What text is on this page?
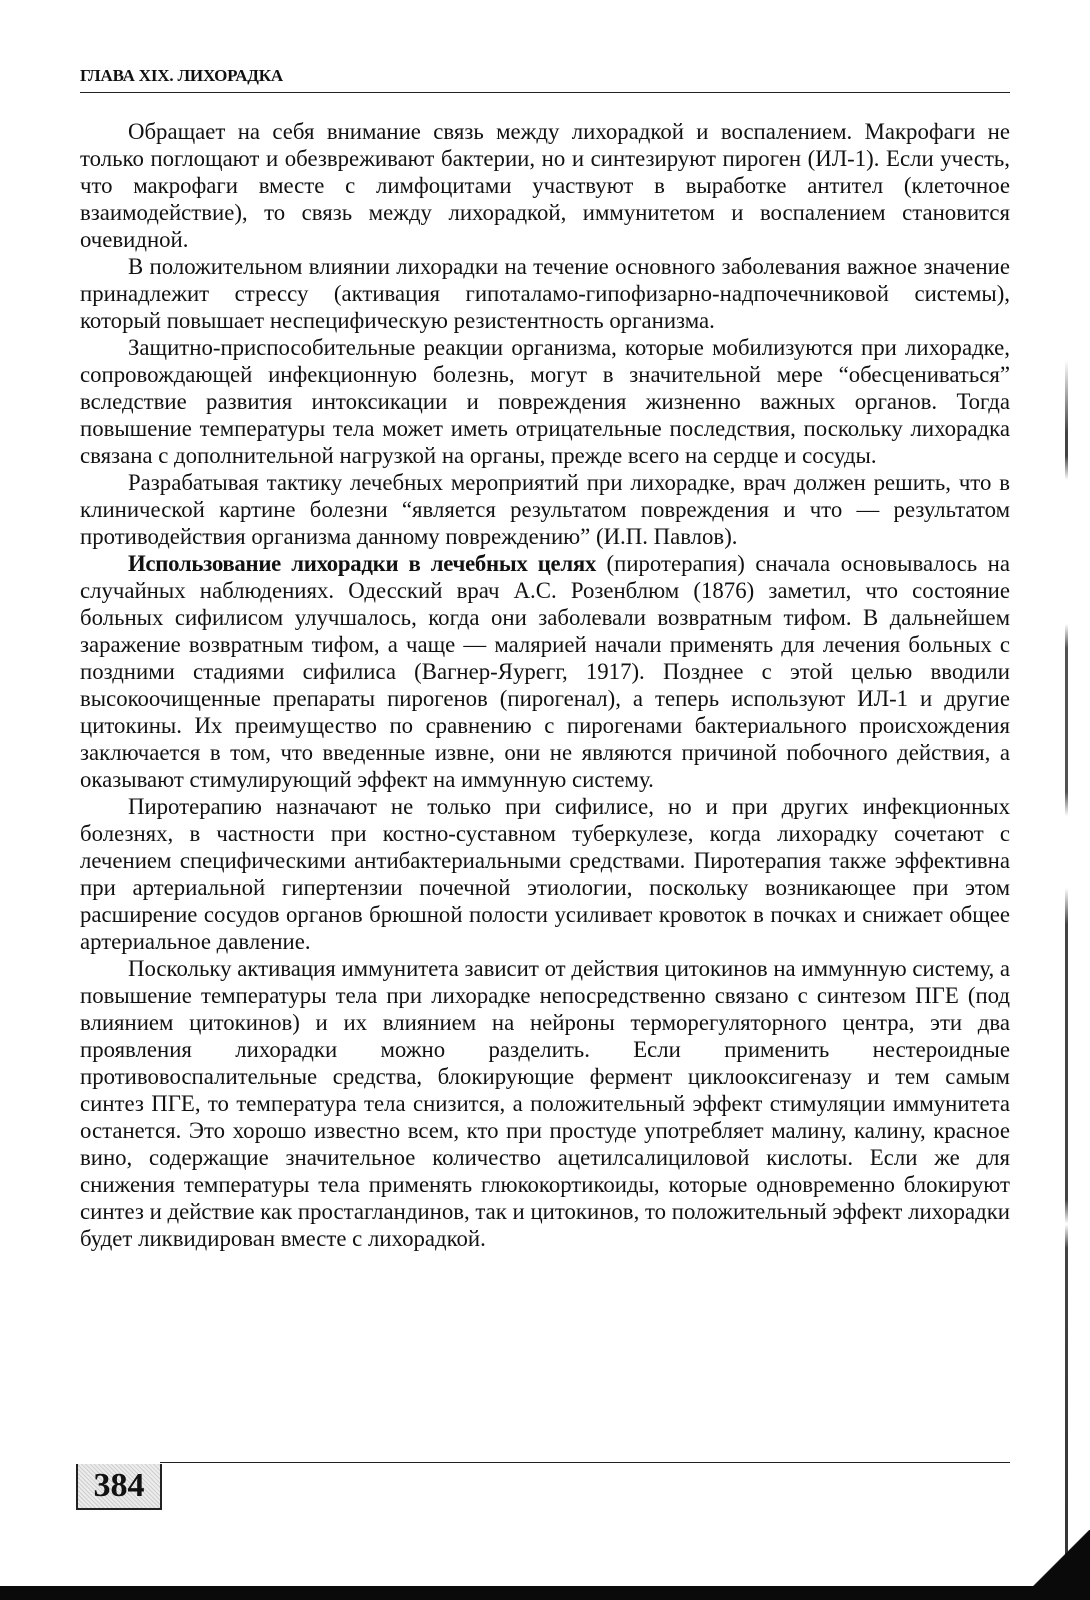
ГЛАВА XIX. ЛИХОРАДКА

Обращает на себя внимание связь между лихорадкой и воспалением. Макрофаги не только поглощают и обезвреживают бактерии, но и синтезируют пироген (ИЛ-1). Если учесть, что макрофаги вместе с лимфоцитами участвуют в выработке антител (клеточное взаимодействие), то связь между лихорадкой, иммунитетом и воспалением становится очевидной.

В положительном влиянии лихорадки на течение основного заболевания важное значение принадлежит стрессу (активация гипоталамо-гипофизарно-надпочечниковой системы), который повышает неспецифическую резистентность организма.

Защитно-приспособительные реакции организма, которые мобилизуются при лихорадке, сопровождающей инфекционную болезнь, могут в значительной мере “обесцениваться” вследствие развития интоксикации и повреждения жизненно важных органов. Тогда повышение температуры тела может иметь отрицательные последствия, поскольку лихорадка связана с дополнительной нагрузкой на органы, прежде всего на сердце и сосуды.

Разрабатывая тактику лечебных мероприятий при лихорадке, врач должен решить, что в клинической картине болезни “является результатом повреждения и что — результатом противодействия организма данному повреждению” (И.П. Павлов).

Использование лихорадки в лечебных целях (пиротерапия) сначала основывалось на случайных наблюдениях. Одесский врач А.С. Розенблюм (1876) заметил, что состояние больных сифилисом улучшалось, когда они заболевали возвратным тифом. В дальнейшем заражение возвратным тифом, а чаще — малярией начали применять для лечения больных с поздними стадиями сифилиса (Вагнер-Яурегг, 1917). Позднее с этой целью вводили высокоочищенные препараты пирогенов (пирогенал), а теперь используют ИЛ-1 и другие цитокины. Их преимущество по сравнению с пирогенами бактериального происхождения заключается в том, что введенные извне, они не являются причиной побочного действия, а оказывают стимулирующий эффект на иммунную систему.

Пиротерапию назначают не только при сифилисе, но и при других инфекционных болезнях, в частности при костно-суставном туберкулезе, когда лихорадку сочетают с лечением специфическими антибактериальными средствами. Пиротерапия также эффективна при артериальной гипертензии почечной этиологии, поскольку возникающее при этом расширение сосудов органов брюшной полости усиливает кровоток в почках и снижает общее артериальное давление.

Поскольку активация иммунитета зависит от действия цитокинов на иммунную систему, а повышение температуры тела при лихорадке непосредственно связано с синтезом ПГЕ (под влиянием цитокинов) и их влиянием на нейроны терморегуляторного центра, эти два проявления лихорадки можно разделить. Если применить нестероидные противовоспалительные средства, блокирующие фермент циклооксигеназу и тем самым синтез ПГЕ, то температура тела снизится, а положительный эффект стимуляции иммунитета останется. Это хорошо известно всем, кто при простуде употребляет малину, калину, красное вино, содержащие значительное количество ацетилсалициловой кислоты. Если же для снижения температуры тела применять глюкокортикоиды, которые одновременно блокируют синтез и действие как простагландинов, так и цитокинов, то положительный эффект лихорадки будет ликвидирован вместе с лихорадкой.

384
